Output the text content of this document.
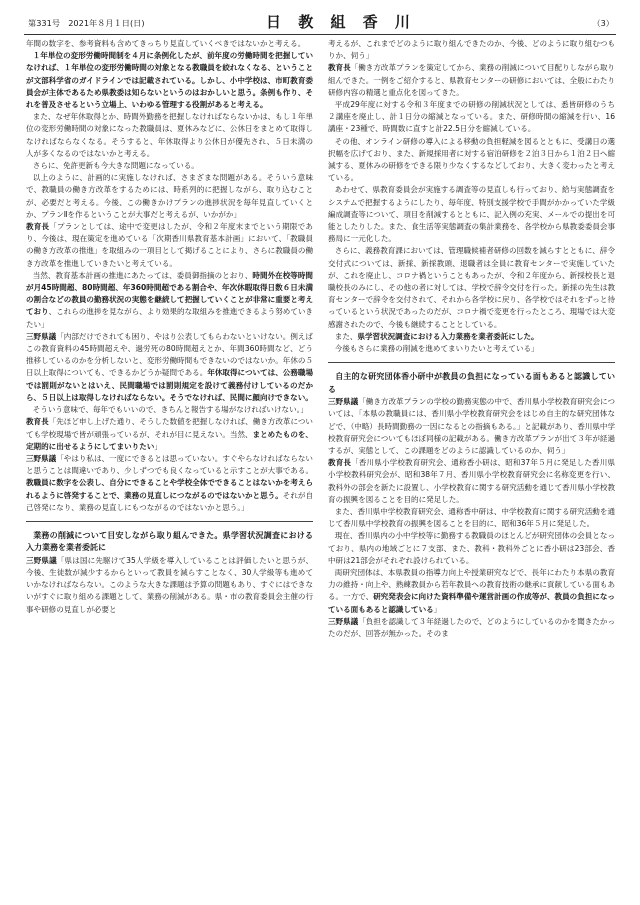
第331号　2021年８月１日(日)	日 教 組 香 川	（3）

年間の数字を、参考資料も含めてきっちり見直していくべきではないかと考える。

１年単位の変形労働時間制を４月に条例化したが、前年度の労働時間を把握していなければ、１年単位の変形労働時間の対象となる教職員を絞れなくなる、ということが文部科学省のガイドラインでは記載されている。しかし、小中学校は、市町教育委員会が主体であるため県教委は知らないというのはおかしいと思う。条例も作り、それを普及させるという立場上、いわゆる管理する役割があると考える。

また、なぜ年休取得とか、時間外勤務を把握しなければならないかは、もし１年単位の変形労働時間の対象になった教職員は、夏休みなどに、公休日をまとめて取得しなければならなくなる。そうすると、年休取得より公休日が優先され、５日未満の人が多くなるのではないかと考える。

さらに、免許更新も今大きな問題になっている。

以上のように、計画的に実施しなければ、さまざまな問題がある。そういう意味で、教職員の働き方改革をするためには、時系列的に把握しながら、取り込むことが、必要だと考える。今後、この働きかけプランの進捗状況を毎年見直していくとか、プランⅡを作るということが大事だと考えるが、いかがか」

教育長「プランとしては、途中で変更はしたが、令和２年度末までという期限であり、今後は、現在策定を進めている「次期香川県教育基本計画」において、「教職員の働き方改革の推進」を取組みの一項目として掲げることにより、さらに教職員の働き方改革を推進していきたいと考えている。

当然、教育基本計画の推進にあたっては、委員御指摘のとおり、時間外在校等時間が月45時間超、80時間超、年360時間超である割合や、年次休暇取得日数６日未満の割合などの教員の勤務状況の実態を継続して把握していくことが非常に重要と考えており、これらの進捗を見ながら、より効果的な取組みを推進できるよう努めていきたい」

三野県議「内部だけでされても困り、やはり公表してもらわないといけない。例えばこの教育資料の45時間超えや、過労死の80時間超えとか、年間360時間など、どう推移しているのかを分析しないと、変形労働時間もできないのではないか。年休の５日以上取得についても、できるかどうか疑問である。年休取得については、公務職場では罰則がないとはいえ、民間職場では罰則規定を設けて義務付けしているのだから、５日以上は取得しなければならない。そうでなければ、民間に顔向けできない。

そういう意味で、毎年でもいいので、きちんと報告する場がなければいけない。」

教育長「先ほど申し上げた通り、そうした数値を把握しなければ、働き方改革についても学校現場で皆が頑張っているが、それが目に見えない。当然、まとめたものを、定期的に出せるようにしてまいりたい」

三野県議「やはり私は、一度にできるとは思っていない。すぐやらなければならないと思うことは間違いであり、少しずつでも良くなっていると示すことが大事である。教職員に数字を公表し、自分にできることや学校全体でできることはないかを考えられるように啓発することで、業務の見直しにつながるのではないかと思う。それが自己啓発になり、業務の見直しにもつながるのではないかと思う。」

業務の削減について目安しながら取り組んできた。県学習状況調査における入力業務を業者委託に

三野県議「県は国に先駆けて35人学級を導入していることは評価したいと思うが、今後、生徒数が減少するからといって教員を減らすことなく、30人学級等も進めていかなければならない。このような大きな課題は予算の問題もあり、すぐにはできないがすぐに取り組める課題として、業務の削減がある。県・市の教育委員会主催の行事や研修の見直しが必要と

考えるが、これまでどのように取り組んできたのか、今後、どのように取り組むつもりか、伺う」

教育長「働き方改革プランを策定してから、業務の削減について目配りしながら取り組んできた。一例をご紹介すると、県教育センターの研修においては、全般にわたり研修内容の精選と重点化を図ってきた。

平成29年度に対する令和３年度までの研修の削減状況としては、悉皆研修のうち２講座を廃止し、計１日分の縮減となっている。また、研修時間の縮減を行い、16講座・23種で、時間数に直すと計22.5日分を縮減している。

その他、オンライン研修の導入による移動の負担軽減を図るとともに、受講日の選択幅を広げており、また、新規採用者に対する宿泊研修を２泊３日から１泊２日へ縮減する、夏休みの研修をできる限り少なくするなどしており、大きく変わったと考えている。

あわせて、県教育委員会が実施する調査等の見直しも行っており、給与実態調査をシステムで把握するようにしたり、毎年度、特別支援学校で手間がかかっていた学級編成調査等について、項目を削減するとともに、記入例の充実、メールでの提出を可能としたりした。また、食生活等実態調査の集計業務を、各学校から県教委委員会事務局に一元化した。

さらに、義務教育課においては、管理職候補者研修の回数を減らすとともに、辞令交付式については、新採、新採教頭、退職者は全員に教育センターで実施していたが、これを廃止し、コロナ禍ということもあったが、令和２年度から、新採校長と退職校長のみにし、その他の者に対しては、学校で辞令交付を行った。新採の先生は教育センターで辞令を交付されて、それから各学校に戻り、各学校ではそれをずっと待っているという状況であったのだが、コロナ禍で変更を行ったところ、現場では大変感謝されたので、今後も継続することとしている。

また、県学習状況調査における入力業務を業者委託にした。

今後もさらに業務の削減を進めてまいりたいと考えている」

自主的な研究団体香小研中が教員の負担になっている面もあると認識している

三野県議「働き方改革プランの学校の勤務実態の中で、香川県小学校教育研究会については、「本県の教職員には、香川県小学校教育研究会をはじめ自主的な研究団体などで、（中略）長時間勤務の一因になるとの指摘もある。」と記載があり、香川県中学校教育研究会についてもほぼ同様の記載がある。働き方改革プランが出て３年が経過するが、実態として、この課題をどのように認識しているのか、伺う」

教育長「香川県小学校教育研究会、通称香小研は、昭和37年５月に発足した香川県小学校教科研究会が、昭和38年７月、香川県小学校教育研究会に名称変更を行い、教科外の部会を新たに設置し、小学校教育に関する研究活動を通じて香川県小学校教育の振興を図ることを目的に発足した。

また、香川県中学校教育研究会、通称香中研は、中学校教育に関する研究活動を通じて香川県中学校教育の振興を図ることを目的に、昭和36年５月に発足した。

現在、香川県内の小中学校等に勤務する教職員のほとんどが研究団体の会員となっており、県内の地域ごとに７支部、また、教科・教科外ごとに香小研は23部会、香中研は21部会がそれぞれ設けられている。

両研究団体は、本県教員の指導力向上や授業研究などで、長年にわたり本県の教育力の維持・向上や、熟練教員から若年教員への教育技術の継承に貢献している面もある。一方で、研究発表会に向けた資料準備や運営計画の作成等が、教員の負担になっている面もあると認識している」

三野県議「負担を認識して３年経過したので、どのようにしているのかを聞きたかったのだが、回答が無かった。そのま
